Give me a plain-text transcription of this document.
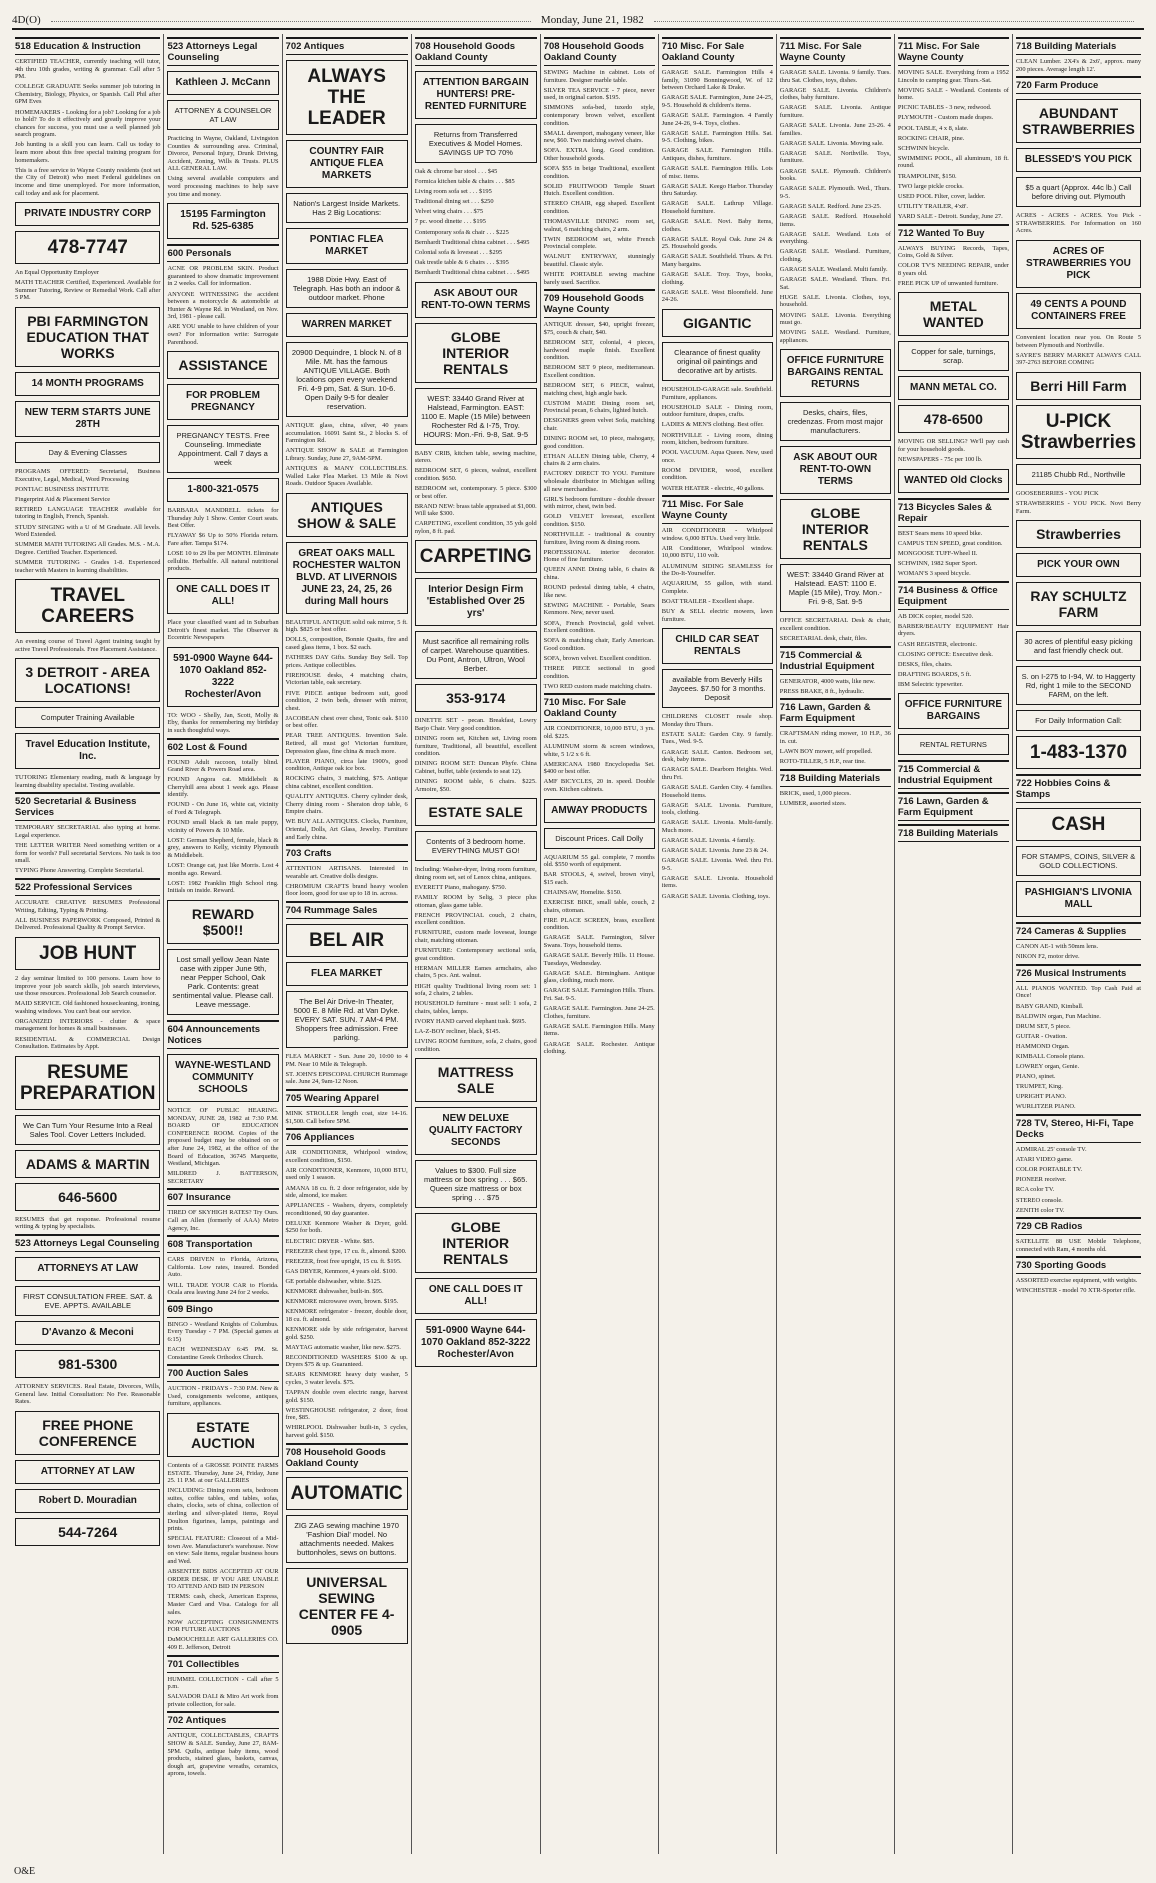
4D(O)	Monday, June 21, 1982
518 Education & Instruction
CERTIFIED TEACHER, currently teaching will tutor, 4th thru 10th grades, writing & grammar. Call after 5 PM.
COLLEGE GRADUATE Seeks summer job tutoring in Chemistry, Biology, Physics, or Spanish. Call Phil after 6PM Eves
HOMEMAKERS - Looking for a job? Looking for a job to hold? To do it effectively and greatly improve your chances for success, you must use a well planned job search program.
Job hunting is a skill you can learn. Call us today to learn more about this free special training program for homemakers.
This is a free service to Wayne County residents (not set the City of Detroit) who meet Federal guidelines on income and time unemployed. For more information, call today and ask for placement.
PRIVATE INDUSTRY CORP
478-7747
An Equal Opportunity Employer
MATH TEACHER Certified, Experienced. Available for Summer Tutoring, Review or Remedial Work. Call after 5 PM.
PBI FARMINGTON EDUCATION THAT WORKS
14 MONTH PROGRAMS
NEW TERM STARTS JUNE 28TH
Day & Evening Classes
PROGRAMS OFFERED: Secretarial, Business Executive, Legal, Medical, Word Processing
PONTIAC BUSINESS INSTITUTE
Fingerprint Aid & Placement Service
RETIRED LANGUAGE TEACHER available for tutoring in English, French, Spanish.
STUDY SINGING with a U of M Graduate. All levels. Word Extended.
SUMMER MATH TUTORING All Grades. M.S. - M.A. Degree. Certified Teacher. Experienced.
SUMMER TUTORING - Grades 1-8. Experienced teacher with Masters in learning disabilities.
TRAVEL CAREERS
An evening course of Travel Agent training taught by active Travel Professionals. Free Placement Assistance.
3 DETROIT - AREA LOCATIONS!
Computer Training Available
Travel Education Institute, Inc.
TUTORING Elementary reading, math & language by learning disability specialist. Testing available.
520 Secretarial & Business Services
TEMPORARY SECRETARIAL also typing at home. Legal experience.
THE LETTER WRITER Need something written or a form for words? Full secretarial Services. No task is too small.
TYPING Phone Answering. Complete Secretarial.
522 Professional Services
ACCURATE CREATIVE RESUMES Professional Writing, Editing, Typing & Printing.
ALL BUSINESS PAPERWORK Composed, Printed & Delivered. Professional Quality & Prompt Service.
JOB HUNT
2 day seminar limited to 100 persons. Learn how to improve your job search skills, job search interviews, use those resources. Professional Job Search counselor.
MAID SERVICE. Old fashioned housecleaning, ironing, washing windows. You can't beat our service.
ORGANIZED INTERIORS - clutter & space management for homes & small businesses.
RESIDENTIAL & COMMERCIAL Design Consultation. Estimates by Appt.
RESUME PREPARATION
We Can Turn Your Resume Into a Real Sales Tool. Cover Letters Included.
ADAMS & MARTIN
646-5600
RESUMES that get response. Professional resume writing & typing by specialists.
523 Attorneys Legal Counseling
ATTORNEYS AT LAW
FIRST CONSULTATION FREE. SAT. & EVE. APPTS. AVAILABLE
D'Avanzo & Meconi
981-5300
ATTORNEY SERVICES. Real Estate, Divorces, Wills, General law. Initial Consultation: No Fee. Reasonable Rates.
FREE PHONE CONFERENCE
ATTORNEY AT LAW
Robert D. Mouradian
544-7264
523 Attorneys Legal Counseling
Kathleen J. McCann
ATTORNEY & COUNSELOR AT LAW
Practicing in Wayne, Oakland, Livingston Counties & surrounding area. Criminal, Divorce, Personal Injury, Drunk Driving, Accident, Zoning, Wills & Trusts. PLUS ALL GENERAL LAW.
Using several available computers and word processing machines to help save you time and money.
15195 Farmington Rd. 525-6385
600 Personals
ACNE OR PROBLEM SKIN. Product guaranteed to show dramatic improvement in 2 weeks. Call for information.
ANYONE WITNESSING the accident between a motorcycle & automobile at Hunter & Wayne Rd. in Westland, on Nov. 3rd, 1981 - please call.
ARE YOU unable to have children of your own? For information write: Surrogate Parenthood.
ASSISTANCE
FOR PROBLEM PREGNANCY
PREGNANCY TESTS. Free Counseling. Immediate Appointment. Call 7 days a week
1-800-321-0575
BARBARA MANDRELL tickets for Thursday July 1 Show. Center Court seats. Best Offer.
FLYAWAY $6 Up to 50% Florida return. Fare after. Tampa $174.
LOSE 10 to 29 lbs per MONTH. Eliminate cellulite. Herbalife. All natural nutritional products.
ONE CALL DOES IT ALL!
Place your classified want ad in Suburban Detroit's finest market. The Observer & Eccentric Newspapers
591-0900 Wayne 644-1070 Oakland 852-3222 Rochester/Avon
TO: WOO - Shelly, Jan, Scott, Molly & Eby, thanks for remembering my birthday in such thoughtful ways.
602 Lost & Found
FOUND Adult raccoon, totally blind. Grand River & Powers Road area.
FOUND Angora cat. Middlebelt & Cherryhill area about 1 week ago. Please identify.
FOUND - On June 16, white cat, vicinity of Ford & Telegraph.
FOUND small black & tan male puppy, vicinity of Powers & 10 Mile.
LOST: German Shepherd, female, black & grey, answers to Kelly, vicinity Plymouth & Middlebelt.
LOST: Orange cat, just like Morris. Lost 4 months ago. Reward.
LOST: 1982 Franklin High School ring. Initials on inside. Reward.
REWARD $500!!
Lost small yellow Jean Nate case with zipper June 9th, near Pepper School, Oak Park. Contents: great sentimental value. Please call. Leave message.
604 Announcements Notices
WAYNE-WESTLAND COMMUNITY SCHOOLS
NOTICE OF PUBLIC HEARING. MONDAY, JUNE 28, 1982 at 7:30 P.M. BOARD OF EDUCATION CONFERENCE ROOM. Copies of the proposed budget may be obtained on or after June 24, 1982, at the office of the Board of Education, 36745 Marquette, Westland, Michigan.
MILDRED J. BATTERSON, SECRETARY
607 Insurance
TIRED OF SKYHIGH RATES? Try Ours. Call an Allen (formerly of AAA) Metro Agency, Inc.
608 Transportation
CARS DRIVEN to Florida, Arizona, California. Low rates, insured. Bonded Auto.
WILL TRADE YOUR CAR to Florida. Ocala area leaving June 24 for 2 weeks.
609 Bingo
BINGO - Westland Knights of Columbus. Every Tuesday - 7 PM. (Special games at 6:15)
EACH WEDNESDAY 6:45 PM. St. Constantine Greek Orthodox Church.
700 Auction Sales
AUCTION - FRIDAYS - 7:30 P.M. New & Used, consignments welcome, antiques, furniture, appliances.
ESTATE AUCTION
Contents of a GROSSE POINTE FARMS ESTATE. Thursday, June 24, Friday, June 25. 11 P.M. at our GALLERIES
INCLUDING: Dining room sets, bedroom suites, coffee tables, end tables, sofas, chairs, clocks, sets of china, collection of sterling and silver-plated items, Royal Doulton figurines, lamps, paintings and prints.
SPECIAL FEATURE: Closeout of a Mid-town Ave. Manufacturer's warehouse. Now on view: Sale items, regular business hours and Wed.
ABSENTEE BIDS ACCEPTED AT OUR ORDER DESK. IF YOU ARE UNABLE TO ATTEND AND BID IN PERSON
TERMS: cash, check, American Express, Master Card and Visa. Catalogs for all sales.
NOW ACCEPTING CONSIGNMENTS FOR FUTURE AUCTIONS
DuMOUCHELLE ART GALLERIES CO. 409 E. Jefferson, Detroit
701 Collectibles
HUMMEL COLLECTION - Call after 5 p.m.
SALVADOR DALI & Miro Art work from private collection, for sale.
702 Antiques
ANTIQUE, COLLECTABLES, CRAFTS SHOW & SALE. Sunday, June 27, 8AM-5PM. Quilts, antique baby items, wood products, stained glass, baskets, canvas, dough art, grapevine wreaths, ceramics, aprons, towels.
702 Antiques
ALWAYS THE LEADER
COUNTRY FAIR ANTIQUE FLEA MARKETS
Nation's Largest Inside Markets. Has 2 Big Locations:
PONTIAC FLEA MARKET
1988 Dixie Hwy. East of Telegraph. Has both an indoor & outdoor market. Phone
WARREN MARKET
20900 Dequindre, 1 block N. of 8 Mile. Mt. has the famous ANTIQUE VILLAGE. Both locations open every weekend Fri. 4-9 pm, Sat. & Sun. 10-6. Open Daily 9-5 for dealer reservation.
ANTIQUE glass, china, silver, 40 years accumulation. 16091 Saint St., 2 blocks S. of Farmington Rd.
ANTIQUE SHOW & SALE at Farmington Library. Sunday, June 27, 9AM-5PM.
ANTIQUES & MANY COLLECTIBLES. Walled Lake Flea Market. 13 Mile & Novi Roads. Outdoor Spaces Available.
ANTIQUES SHOW & SALE
GREAT OAKS MALL ROCHESTER WALTON BLVD. AT LIVERNOIS JUNE 23, 24, 25, 26 during Mall hours
BEAUTIFUL ANTIQUE solid oak mirror, 5 ft. high. $825 or best offer.
DOLLS, composition, Bonnie Quaits, fire and cased glass items, 1 box. $2 each.
FATHERS DAY Gifts. Sunday Buy Sell. Top prices. Antique collectibles.
FIREHOUSE desks, 4 matching chairs, Victorian table, oak secretary.
FIVE PIECE antique bedroom suit, good condition, 2 twin beds, dresser with mirror, chest.
JACOBEAN chest over chest, Tonic oak. $110 or best offer.
PEAR TREE ANTIQUES. Invention Sale. Retired, all must go! Victorian furniture, Depression glass, fine china & much more.
PLAYER PIANO, circa late 1900's, good condition, Antique oak ice box.
ROCKING chairs, 3 matching, $75. Antique china cabinet, excellent condition.
QUALITY ANTIQUES. Cherry cylinder desk, Cherry dining room - Sheraton drop table, 6 Empire chairs.
WE BUY ALL ANTIQUES. Clocks, Furniture, Oriental, Dolls, Art Glass, Jewelry. Furniture and Early china.
703 Crafts
ATTENTION ARTISANS. Interested in wearable art. Creative dolls designs.
CHROMIUM CRAFTS brand heavy woolen floor loom, good for use up to 18 in. across.
704 Rummage Sales
BEL AIR
FLEA MARKET
The Bel Air Drive-In Theater, 5000 E. 8 Mile Rd. at Van Dyke. EVERY SAT. SUN. 7 AM-4 PM. Shoppers free admission. Free parking.
FLEA MARKET - Sun. June 20, 10:00 to 4 PM. Near 10 Mile & Telegraph.
ST. JOHN'S EPISCOPAL CHURCH Rummage sale. June 24, 9am-12 Noon.
705 Wearing Apparel
MINK STROLLER length coat, size 14-16. $1,500. Call before 5PM.
706 Appliances
AIR CONDITIONER, Whirlpool window, excellent condition, $150.
AIR CONDITIONER, Kenmore, 10,000 BTU, used only 1 season.
AMANA 18 cu. ft. 2 door refrigerator, side by side, almond, ice maker.
APPLIANCES - Washers, dryers, completely reconditioned, 90 day guarantee.
DELUXE Kenmore Washer & Dryer, gold. $250 for both.
ELECTRIC DRYER - White. $85.
FREEZER chest type, 17 cu. ft., almond. $200.
FREEZER, frost free upright, 15 cu. ft. $195.
GAS DRYER, Kenmore, 4 years old. $100.
GE portable dishwasher, white. $125.
KENMORE dishwasher, built-in. $95.
KENMORE microwave oven, brown. $195.
KENMORE refrigerator - freezer, double door, 18 cu. ft. almond.
KENMORE side by side refrigerator, harvest gold. $250.
MAYTAG automatic washer, like new. $275.
RECONDITIONED WASHERS $100 & up. Dryers $75 & up. Guaranteed.
SEARS KENMORE heavy duty washer, 5 cycles, 3 water levels. $75.
TAPPAN double oven electric range, harvest gold. $150.
WESTINGHOUSE refrigerator, 2 door, frost free, $85.
WHIRLPOOL Dishwasher built-in, 3 cycles, harvest gold. $150.
708 Household Goods Oakland County
AUTOMATIC
ZIG ZAG sewing machine 1970 'Fashion Dial' model. No attachments needed. Makes buttonholes, sews on buttons.
UNIVERSAL SEWING CENTER FE 4-0905
708 Household Goods Oakland County
ATTENTION BARGAIN HUNTERS! PRE-RENTED FURNITURE
Returns from Transferred Executives & Model Homes. SAVINGS UP TO 70%
Oak & chrome bar stool . . . $45
Formica kitchen table & chairs . . . $85
Living room sofa set . . . $195
Traditional dining set . . . $250
Velvet wing chairs . . . $75
7 pc. wood dinette . . . $195
Contemporary sofa & chair . . . $225
Bernhardt Traditional china cabinet . . . $495
Colonial sofa & loveseat . . . $295
Oak trestle table & 6 chairs . . . $395
Bernhardt Traditional china cabinet . . . $495
ASK ABOUT OUR RENT-TO-OWN TERMS
GLOBE INTERIOR RENTALS
WEST: 33440 Grand River at Halstead, Farmington. EAST: 1100 E. Maple (15 Mile) between Rochester Rd & I-75, Troy. HOURS: Mon.-Fri. 9-8, Sat. 9-5
BABY CRIB, kitchen table, sewing machine, stereo.
BEDROOM SET, 6 pieces, walnut, excellent condition. $650.
BEDROOM set, contemporary. 5 piece. $300 or best offer.
BRAND NEW: brass table appraised at $1,000. Will take $300.
CARPETING, excellent condition, 35 yds gold nylon, 8 ft. pad.
CARPETING
Interior Design Firm 'Established Over 25 yrs'
Must sacrifice all remaining rolls of carpet. Warehouse quantities. Du Pont, Antron, Ultron, Wool Berber.
353-9174
DINETTE SET - pecan. Breakfast, Lowry Barjo Chair. Very good condition.
DINING room set, Kitchen set, Living room furniture, Traditional, all beautiful, excellent condition.
DINING ROOM SET: Duncan Phyfe. China Cabinet, buffet, table (extends to seat 12).
DINING ROOM table, 6 chairs. $225. Armoire, $50.
ESTATE SALE
Contents of 3 bedroom home. EVERYTHING MUST GO!
Including: Washer-dryer, living room furniture, dining room set, set of Lenox china, antiques.
EVERETT Piano, mahogany. $750.
FAMILY ROOM by Selig, 3 piece plus ottoman, glass game table.
FRENCH PROVINCIAL couch, 2 chairs, excellent condition.
FURNITURE, custom made loveseat, lounge chair, matching ottoman.
FURNITURE: Contemporary sectional sofa, great condition.
HERMAN MILLER Eames armchairs, also chairs, 5 pcs. Ant. walnut.
HIGH quality Traditional living room set: 1 sofa, 2 chairs, 2 tables.
HOUSEHOLD furniture - must sell: 1 sofa, 2 chairs, tables, lamps.
IVORY HAND carved elephant tusk. $695.
LA-Z-BOY recliner, black, $145.
LIVING ROOM furniture, sofa, 2 chairs, good condition.
MATTRESS SALE
NEW DELUXE QUALITY FACTORY SECONDS
Values to $300. Full size mattress or box spring . . . $65. Queen size mattress or box spring . . . $75
GLOBE INTERIOR RENTALS
ONE CALL DOES IT ALL!
591-0900 Wayne 644-1070 Oakland 852-3222 Rochester/Avon
708 Household Goods Oakland County
SEWING Machine in cabinet. Lots of furniture. Designer marble table.
SILVER TEA SERVICE - 7 piece, never used, in original carton. $195.
SIMMONS sofa-bed, tuxedo style, contemporary brown velvet, excellent condition.
SMALL davenport, mahogany veneer, like new, $60. Two matching swivel chairs.
SOFA. EXTRA long. Good condition. Other household goods.
SOFA $55 in beige Traditional, excellent condition.
SOLID FRUITWOOD Temple Stuart Hutch. Excellent condition.
STEREO CHAIR, egg shaped. Excellent condition.
THOMASVILLE DINING room set, walnut, 6 matching chairs, 2 arm.
TWIN BEDROOM set, white French Provincial complete.
WALNUT ENTRYWAY, stunningly beautiful. Classic style.
WHITE PORTABLE sewing machine barely used. Sacrifice.
709 Household Goods Wayne County
ANTIQUE dresser, $40, upright freezer, $75, couch & chair, $40.
BEDROOM SET, colonial, 4 pieces, hardwood maple finish. Excellent condition.
BEDROOM SET 9 piece, mediterranean. Excellent condition.
BEDROOM SET, 6 PIECE, walnut, matching chest, high angle back.
CUSTOM MADE Dining room set, Provincial pecan, 6 chairs, lighted hutch.
DESIGNERS green velvet Sofa, matching chair.
DINING ROOM set, 10 piece, mahogany, good condition.
ETHAN ALLEN Dining table, Cherry, 4 chairs & 2 arm chairs.
FACTORY DIRECT TO YOU. Furniture wholesale distributor in Michigan selling all new merchandise.
GIRL'S bedroom furniture - double dresser with mirror, chest, twin bed.
GOLD VELVET loveseat, excellent condition. $150.
NORTHVILLE - traditional & country furniture, living room & dining room.
PROFESSIONAL interior decorator. Home of fine furniture.
QUEEN ANNE Dining table, 6 chairs & china.
ROUND pedestal dining table, 4 chairs, like new.
SEWING MACHINE - Portable, Sears Kenmore. New, never used.
SOFA, French Provincial, gold velvet. Excellent condition.
SOFA & matching chair, Early American. Good condition.
SOFA, brown velvet. Excellent condition.
THREE PIECE sectional in good condition.
TWO RED custom made matching chairs.
710 Misc. For Sale Oakland County
AIR CONDITIONER, 10,000 BTU, 3 yrs. old. $225.
ALUMINUM storm & screen windows, white, 5 1/2 x 6 ft.
AMERICANA 1980 Encyclopedia Set. $400 or best offer.
AMF BICYCLES, 20 in. speed. Double oven. Kitchen cabinets.
AMWAY PRODUCTS
Discount Prices. Call Dolly
AQUARIUM 55 gal. complete, 7 months old. $550 worth of equipment.
BAR STOOLS, 4, swivel, brown vinyl, $15 each.
CHAINSAW, Homelite. $150.
EXERCISE BIKE, small table, couch, 2 chairs, ottoman.
FIRE PLACE SCREEN, brass, excellent condition.
GARAGE SALE. Farmington, Silver Swans. Toys, household items.
GARAGE SALE. Beverly Hills. 11 House. Tuesdays, Wednesday.
GARAGE SALE. Birmingham. Antique glass, clothing, much more.
GARAGE SALE. Farmington Hills. Thurs. Fri. Sat. 9-5.
GARAGE SALE. Farmington. June 24-25. Clothes, furniture.
GARAGE SALE. Farmington Hills. Many items.
GARAGE SALE. Rochester. Antique clothing.
710 Misc. For Sale Oakland County
GARAGE SALE. Farmington Hills 4 family, 31090 Bonningwood, W. of 12 between Orchard Lake & Drake.
GARAGE SALE. Farmington, June 24-25, 9-5. Household & children's items.
GARAGE SALE. Farmington. 4 Family June 24-26, 9-4. Toys, clothes.
GARAGE SALE. Farmington Hills. Sat. 9-5. Clothing, bikes.
GARAGE SALE. Farmington Hills. Antiques, dishes, furniture.
GARAGE SALE. Farmington Hills. Lots of misc. items.
GARAGE SALE. Keego Harbor. Thursday thru Saturday.
GARAGE SALE. Lathrup Village. Household furniture.
GARAGE SALE. Novi. Baby items, clothes.
GARAGE SALE. Royal Oak. June 24 & 25. Household goods.
GARAGE SALE. Southfield. Thurs. & Fri. Many bargains.
GARAGE SALE. Troy. Toys, books, clothing.
GARAGE SALE. West Bloomfield. June 24-26.
GIGANTIC
Clearance of finest quality original oil paintings and decorative art by artists.
HOUSEHOLD-GARAGE sale. Southfield. Furniture, appliances.
HOUSEHOLD SALE - Dining room, outdoor furniture, drapes, crafts.
LADIES & MEN'S clothing. Best offer.
NORTHVILLE - Living room, dining room, kitchen, bedroom furniture.
POOL VACUUM. Aqua Queen. New, used once.
ROOM DIVIDER, wood, excellent condition.
WATER HEATER - electric, 40 gallons.
711 Misc. For Sale Wayne County
AIR CONDITIONER - Whirlpool window. 6,000 BTUs. Used very little.
AIR Conditioner, Whirlpool window. 10,000 BTU, 110 volt.
ALUMINUM SIDING SEAMLESS for the Do-It-Yourselfer.
AQUARIUM, 55 gallon, with stand. Complete.
BOAT TRAILER - Excellent shape.
BUY & SELL electric mowers, lawn furniture.
CHILD CAR SEAT RENTALS
available from Beverly Hills Jaycees. $7.50 for 3 months. Deposit
CHILDRENS CLOSET resale shop. Monday thru Thurs.
ESTATE SALE: Garden City. 9 family. Tues., Wed. 9-5.
GARAGE SALE. Canton. Bedroom set, desk, baby items.
GARAGE SALE. Dearborn Heights. Wed. thru Fri.
GARAGE SALE. Garden City. 4 families. Household items.
GARAGE SALE. Livonia. Furniture, tools, clothing.
GARAGE SALE. Livonia. Multi-family. Much more.
GARAGE SALE. Livonia. 4 family.
GARAGE SALE. Livonia. June 23 & 24.
GARAGE SALE. Livonia. Wed. thru Fri. 9-5.
GARAGE SALE. Livonia. Household items.
GARAGE SALE. Livonia. Clothing, toys.
711 Misc. For Sale Wayne County
GARAGE SALE. Livonia. 9 family. Tues. thru Sat. Clothes, toys, dishes.
GARAGE SALE. Livonia. Children's clothes, baby furniture.
GARAGE SALE. Livonia. Antique furniture.
GARAGE SALE. Livonia. June 23-26. 4 families.
GARAGE SALE. Livonia. Moving sale.
GARAGE SALE. Northville. Toys, furniture.
GARAGE SALE. Plymouth. Children's books.
GARAGE SALE. Plymouth. Wed., Thurs. 9-5.
GARAGE SALE. Redford. June 23-25.
GARAGE SALE. Redford. Household items.
GARAGE SALE. Westland. Lots of everything.
GARAGE SALE. Westland. Furniture, clothing.
GARAGE SALE. Westland. Multi family.
GARAGE SALE. Westland. Thurs. Fri. Sat.
HUGE SALE. Livonia. Clothes, toys, household.
MOVING SALE. Livonia. Everything must go.
MOVING SALE. Westland. Furniture, appliances.
OFFICE FURNITURE BARGAINS RENTAL RETURNS
Desks, chairs, files, credenzas. From most major manufacturers.
ASK ABOUT OUR RENT-TO-OWN TERMS
GLOBE INTERIOR RENTALS
WEST: 33440 Grand River at Halstead. EAST: 1100 E. Maple (15 Mile), Troy. Mon.-Fri. 9-8, Sat. 9-5
OFFICE SECRETARIAL Desk & chair, excellent condition.
SECRETARIAL desk, chair, files.
715 Commercial & Industrial Equipment
GENERATOR, 4000 watts, like new.
PRESS BRAKE, 8 ft., hydraulic.
716 Lawn, Garden & Farm Equipment
CRAFTSMAN riding mower, 10 H.P., 36 in. cut.
LAWN BOY mower, self propelled.
ROTO-TILLER, 5 H.P., rear tine.
718 Building Materials
BRICK, used, 1,000 pieces.
LUMBER, assorted sizes.
711 Misc. For Sale Wayne County
MOVING SALE. Everything from a 1952 Lincoln to camping gear. Thurs.-Sat.
MOVING SALE - Westland. Contents of home.
PICNIC TABLES - 3 new, redwood.
PLYMOUTH - Custom made drapes.
POOL TABLE, 4 x 8, slate.
ROCKING CHAIR, pine.
SCHWINN bicycle.
SWIMMING POOL, all aluminum, 18 ft. round.
TRAMPOLINE, $150.
TWO large pickle crocks.
USED POOL Filter, cover, ladder.
UTILITY TRAILER, 4'x8'.
YARD SALE - Detroit. Sunday, June 27.
712 Wanted To Buy
ALWAYS BUYING Records, Tapes, Coins, Gold & Silver.
COLOR TV'S NEEDING REPAIR, under 8 years old.
FREE PICK UP of unwanted furniture.
METAL WANTED
Copper for sale, turnings, scrap.
MANN METAL CO.
478-6500
MOVING OR SELLING? We'll pay cash for your household goods.
NEWSPAPERS - 75c per 100 lb.
WANTED Old Clocks
713 Bicycles Sales & Repair
BEST Sears mens 10 speed bike.
CAMPUS TEN SPEED, great condition.
MONGOOSE TUFF-Wheel II.
SCHWINN, 1982 Super Sport.
WOMAN'S 3 speed bicycle.
714 Business & Office Equipment
AB DICK copier, model 520.
BARBER/BEAUTY EQUIPMENT Hair dryers.
CASH REGISTER, electronic.
CLOSING OFFICE: Executive desk.
DESKS, files, chairs.
DRAFTING BOARDS, 5 ft.
IBM Selectric typewriter.
OFFICE FURNITURE BARGAINS
RENTAL RETURNS
715 Commercial & Industrial Equipment
716 Lawn, Garden & Farm Equipment
718 Building Materials
718 Building Materials
CLEAN Lumber. 2X4's & 2x6', approx. many 200 pieces. Average length 12'.
720 Farm Produce
ABUNDANT STRAWBERRIES
BLESSED'S YOU PICK
$5 a quart (Approx. 44c lb.) Call before driving out. Plymouth
ACRES - ACRES - ACRES. You Pick - STRAWBERRIES. For Information on 160 Acres.
ACRES OF STRAWBERRIES YOU PICK
49 CENTS A POUND CONTAINERS FREE
Convenient location near you. On Route 5 between Plymouth and Northville.
SAYRE'S BERRY MARKET ALWAYS CALL 397-2763 BEFORE COMING
Berri Hill Farm
U-PICK Strawberries
21185 Chubb Rd., Northville
GOOSEBERRIES - YOU PICK
STRAWBERRIES - YOU PICK. Novi Berry Farm.
Strawberries
PICK YOUR OWN
RAY SCHULTZ FARM
30 acres of plentiful easy picking and fast friendly check out.
S. on I-275 to I-94, W. to Haggerty Rd, right 1 mile to the SECOND FARM, on the left.
For Daily Information Call:
1-483-1370
722 Hobbies Coins & Stamps
CASH
FOR STAMPS, COINS, SILVER & GOLD COLLECTIONS.
PASHIGIAN'S LIVONIA MALL
724 Cameras & Supplies
CANON AE-1 with 50mm lens.
NIKON F2, motor drive.
726 Musical Instruments
ALL PIANOS WANTED. Top Cash Paid at Once!
BABY GRAND, Kimball.
BALDWIN organ, Fun Machine.
DRUM SET, 5 piece.
GUITAR - Ovation.
HAMMOND Organ.
KIMBALL Console piano.
LOWREY organ, Genie.
PIANO, spinet.
TRUMPET, King.
UPRIGHT PIANO.
WURLITZER PIANO.
728 TV, Stereo, Hi-Fi, Tape Decks
ADMIRAL 25' console TV.
ATARI VIDEO game.
COLOR PORTABLE TV.
PIONEER receiver.
RCA color TV.
STEREO console.
ZENITH color TV.
729 CB Radios
SATELLITE 88 USE Mobile Telephone, connected with Ram, 4 months old.
730 Sporting Goods
ASSORTED exercise equipment, with weights.
WINCHESTER - model 70 XTR-Sporter rifle.
O&E
